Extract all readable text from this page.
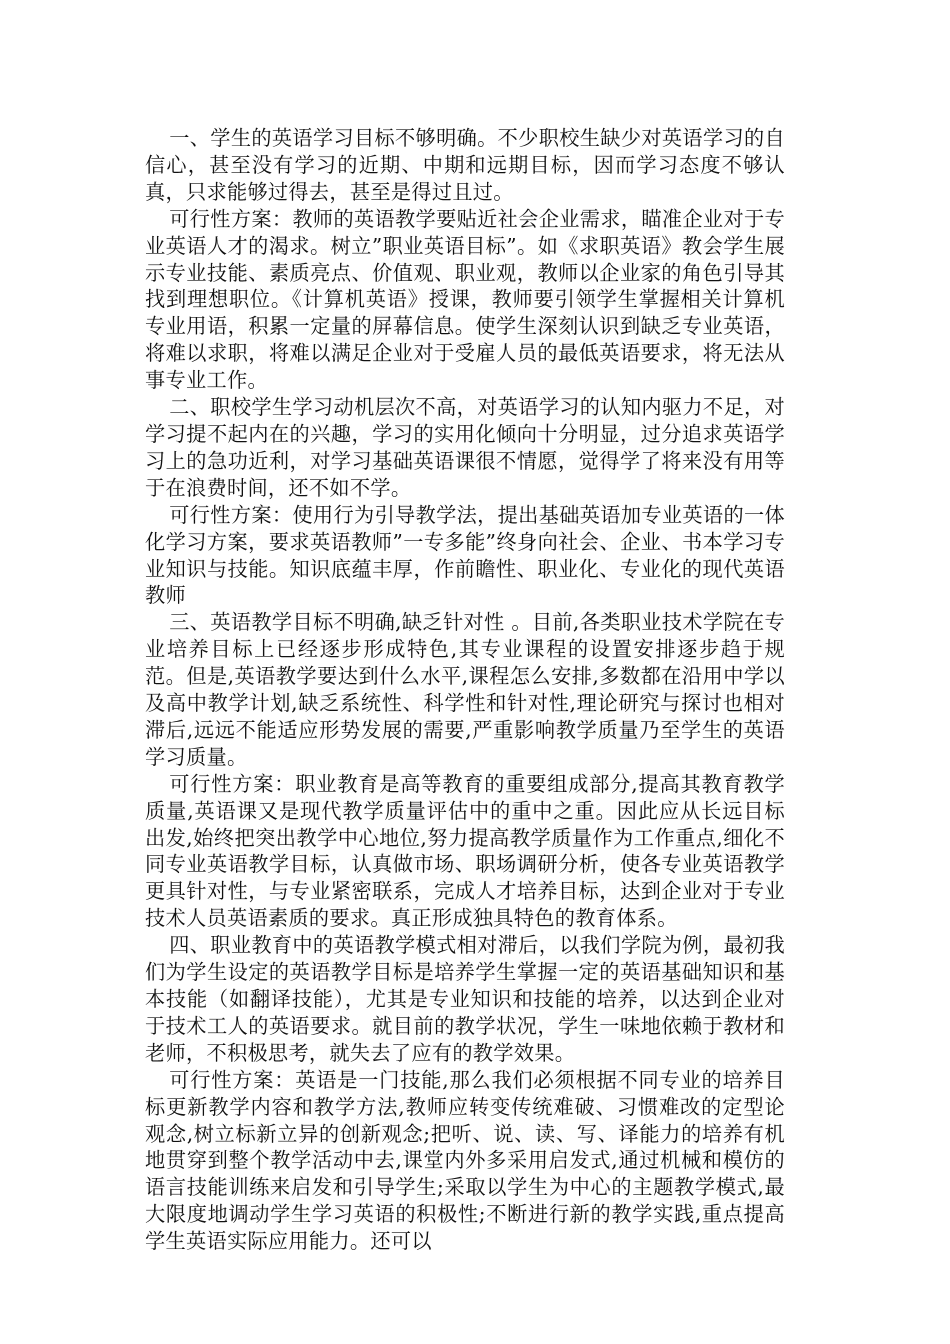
一、学生的英语学习目标不够明确。不少职校生缺少对英语学习的自信心，甚至没有学习的近期、中期和远期目标，因而学习态度不够认真，只求能够过得去，甚至是得过且过。

可行性方案：教师的英语教学要贴近社会企业需求，瞄准企业对于专业英语人才的渴求。树立”职业英语目标”。如《求职英语》教会学生展示专业技能、素质亮点、价值观、职业观，教师以企业家的角色引导其找到理想职位。《计算机英语》授课，教师要引领学生掌握相关计算机专业用语，积累一定量的屏幕信息。使学生深刻认识到缺乏专业英语，将难以求职，将难以满足企业对于受雇人员的最低英语要求，将无法从事专业工作。

二、职校学生学习动机层次不高，对英语学习的认知内驱力不足，对学习提不起内在的兴趣，学习的实用化倾向十分明显，过分追求英语学习上的急功近利，对学习基础英语课很不情愿，觉得学了将来没有用等于在浪费时间，还不如不学。

可行性方案：使用行为引导教学法，提出基础英语加专业英语的一体化学习方案，要求英语教师”一专多能”终身向社会、企业、书本学习专业知识与技能。知识底蕴丰厚，作前瞻性、职业化、专业化的现代英语教师

三、英语教学目标不明确,缺乏针对性 。目前,各类职业技术学院在专业培养目标上已经逐步形成特色,其专业课程的设置安排逐步趋于规范。但是,英语教学要达到什么水平,课程怎么安排,多数都在沿用中学以及高中教学计划,缺乏系统性、科学性和针对性,理论研究与探讨也相对滞后,远远不能适应形势发展的需要,严重影响教学质量乃至学生的英语学习质量。

可行性方案：职业教育是高等教育的重要组成部分,提高其教育教学质量,英语课又是现代教学质量评估中的重中之重。因此应从长远目标出发,始终把突出教学中心地位,努力提高教学质量作为工作重点,细化不同专业英语教学目标，认真做市场、职场调研分析，使各专业英语教学更具针对性，与专业紧密联系，完成人才培养目标，达到企业对于专业技术人员英语素质的要求。真正形成独具特色的教育体系。

四、职业教育中的英语教学模式相对滞后，以我们学院为例，最初我们为学生设定的英语教学目标是培养学生掌握一定的英语基础知识和基本技能（如翻译技能），尤其是专业知识和技能的培养，以达到企业对于技术工人的英语要求。就目前的教学状况，学生一味地依赖于教材和老师，不积极思考，就失去了应有的教学效果。

可行性方案：英语是一门技能,那么我们必须根据不同专业的培养目标更新教学内容和教学方法,教师应转变传统难破、习惯难改的定型论观念,树立标新立异的创新观念;把听、说、读、写、译能力的培养有机地贯穿到整个教学活动中去,课堂内外多采用启发式,通过机械和模仿的语言技能训练来启发和引导学生;采取以学生为中心的主题教学模式,最大限度地调动学生学习英语的积极性;不断进行新的教学实践,重点提高学生英语实际应用能力。还可以
